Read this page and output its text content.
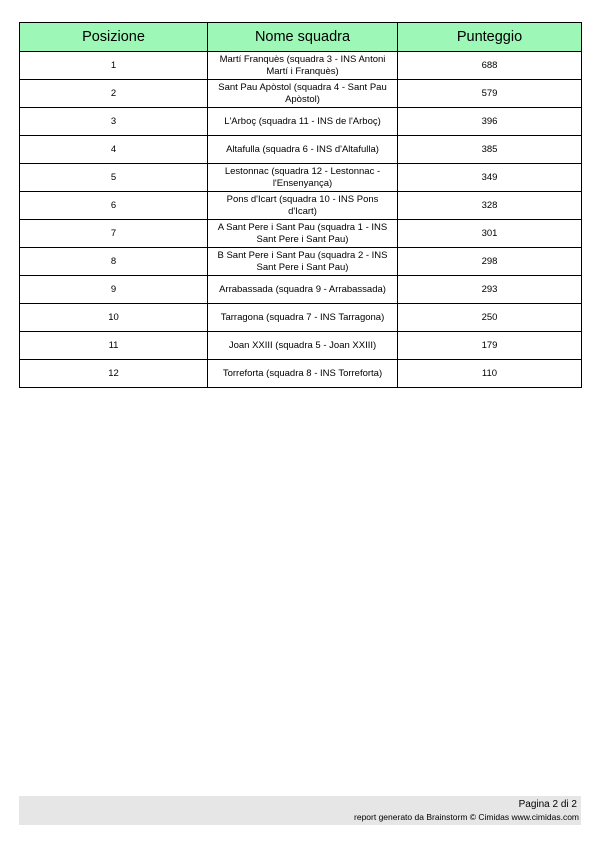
Posizione	Nome squadra	Punteggio
1	Martí Franquès (squadra 3 - INS Antoni Martí i Franquès)	688
2	Sant Pau Apòstol (squadra 4 - Sant Pau Apòstol)	579
3	L'Arboç (squadra 11 - INS de l'Arboç)	396
4	Altafulla (squadra 6 - INS d'Altafulla)	385
5	Lestonnac (squadra 12 - Lestonnac - l'Ensenyança)	349
6	Pons d'Icart (squadra 10 - INS Pons d'Icart)	328
7	A Sant Pere i Sant Pau (squadra 1 - INS Sant Pere i Sant Pau)	301
8	B Sant Pere i Sant Pau (squadra 2 - INS Sant Pere i Sant Pau)	298
9	Arrabassada (squadra 9 - Arrabassada)	293
10	Tarragona (squadra 7 - INS Tarragona)	250
11	Joan XXIII (squadra 5 - Joan XXIII)	179
12	Torreforta (squadra 8 - INS Torreforta)	110
Pagina 2 di 2
report generato da Brainstorm © Cimidas www.cimidas.com
